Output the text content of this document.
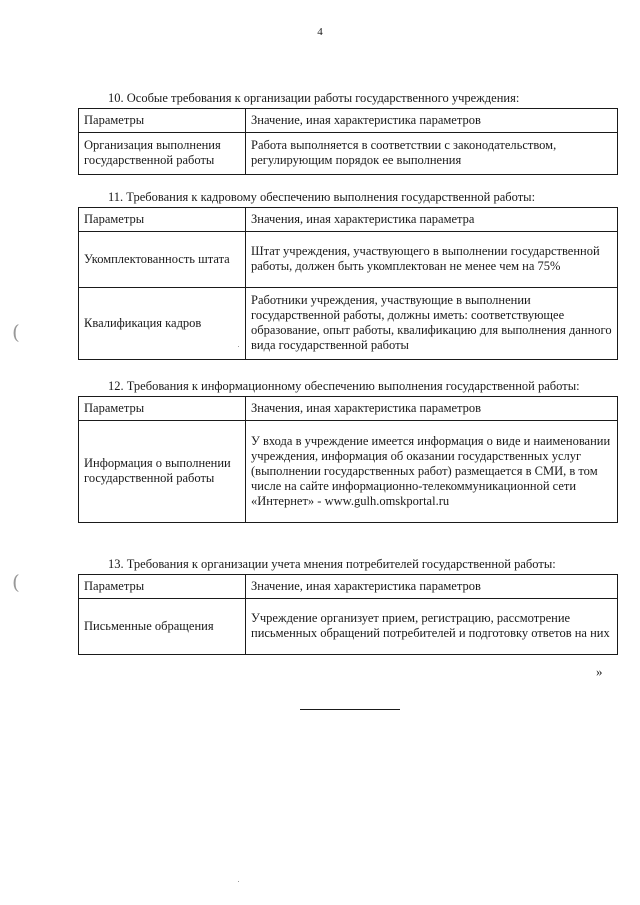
4

10. Особые требования к организации работы государственного учреждения:

Параметры	Значение, иная характеристика параметров
Организация выполнения государственной работы	Работа выполняется в соответствии с законодательством, регулирующим порядок ее выполнения

11. Требования к кадровому обеспечению выполнения государственной работы:

Параметры	Значения, иная характеристика параметра
Укомплектованность штата	Штат учреждения, участвующего в выполнении государственной работы, должен быть укомплектован не менее чем на 75%
Квалификация кадров	Работники учреждения, участвующие в выполнении государственной работы, должны иметь: соответствующее образование, опыт работы, квалификацию для выполнения данного вида государственной работы

12. Требования к информационному обеспечению выполнения государственной работы:

Параметры	Значения, иная характеристика параметров
Информация о выполнении государственной работы	У входа в учреждение имеется информация о виде и наименовании учреждения, информация об оказании государственных услуг (выполнении государственных работ) размещается в СМИ, в том числе на сайте информационно-телекоммуникационной сети «Интернет» - www.gulh.omskportal.ru

13. Требования к организации учета мнения потребителей государственной работы:

Параметры	Значение, иная характеристика параметров
Письменные обращения	Учреждение организует прием, регистрацию, рассмотрение письменных обращений потребителей и подготовку ответов на них
»
(
(
